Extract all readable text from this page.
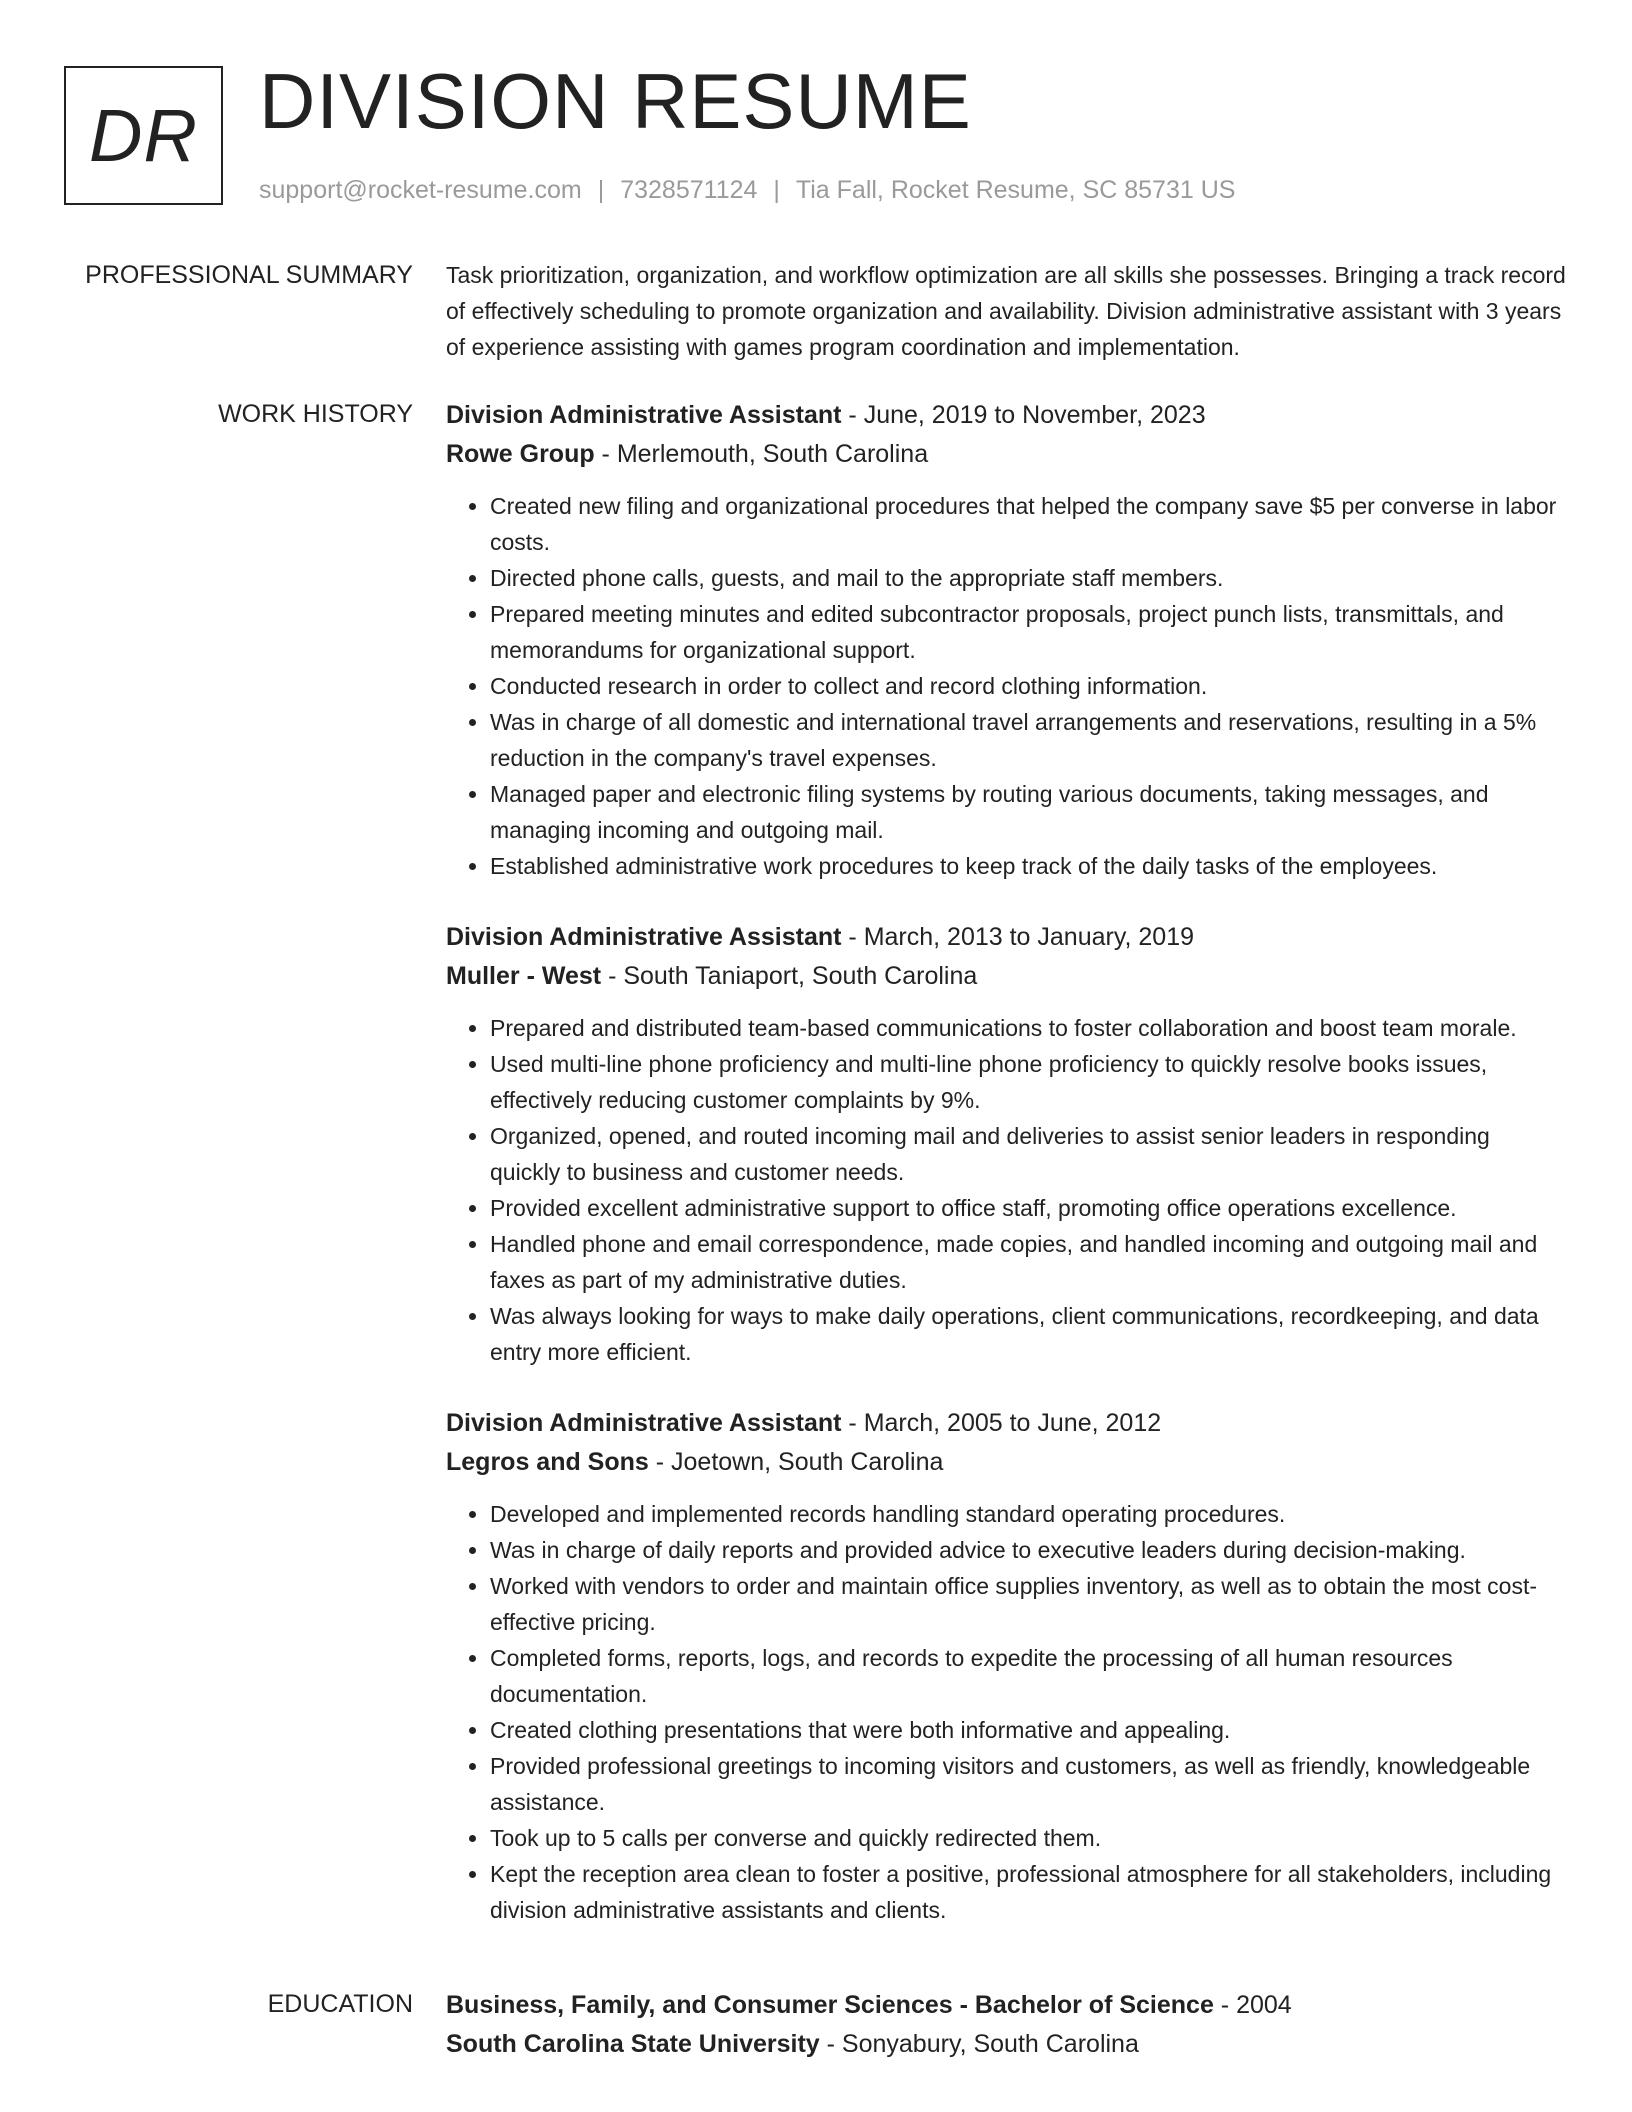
DR DIVISION RESUME
support@rocket-resume.com | 7328571124 | Tia Fall, Rocket Resume, SC 85731 US
PROFESSIONAL SUMMARY Task prioritization, organization, and workflow optimization are all skills she possesses. Bringing a track record of effectively scheduling to promote organization and availability. Division administrative assistant with 3 years of experience assisting with games program coordination and implementation.

WORK HISTORY Division Administrative Assistant - June, 2019 to November, 2023
Rowe Group - Merlemouth, South Carolina
• Created new filing and organizational procedures that helped the company save $5 per converse in labor costs.
• Directed phone calls, guests, and mail to the appropriate staff members.
• Prepared meeting minutes and edited subcontractor proposals, project punch lists, transmittals, and memorandums for organizational support.
• Conducted research in order to collect and record clothing information.
• Was in charge of all domestic and international travel arrangements and reservations, resulting in a 5% reduction in the company's travel expenses.
• Managed paper and electronic filing systems by routing various documents, taking messages, and managing incoming and outgoing mail.
• Established administrative work procedures to keep track of the daily tasks of the employees.
Division Administrative Assistant - March, 2013 to January, 2019
Muller - West - South Taniaport, South Carolina
• Prepared and distributed team-based communications to foster collaboration and boost team morale.
• Used multi-line phone proficiency and multi-line phone proficiency to quickly resolve books issues, effectively reducing customer complaints by 9%.
• Organized, opened, and routed incoming mail and deliveries to assist senior leaders in responding quickly to business and customer needs.
• Provided excellent administrative support to office staff, promoting office operations excellence.
• Handled phone and email correspondence, made copies, and handled incoming and outgoing mail and faxes as part of my administrative duties.
• Was always looking for ways to make daily operations, client communications, recordkeeping, and data entry more efficient.
Division Administrative Assistant - March, 2005 to June, 2012
Legros and Sons - Joetown, South Carolina
• Developed and implemented records handling standard operating procedures.
• Was in charge of daily reports and provided advice to executive leaders during decision-making.
• Worked with vendors to order and maintain office supplies inventory, as well as to obtain the most cost-effective pricing.
• Completed forms, reports, logs, and records to expedite the processing of all human resources documentation.
• Created clothing presentations that were both informative and appealing.
• Provided professional greetings to incoming visitors and customers, as well as friendly, knowledgeable assistance.
• Took up to 5 calls per converse and quickly redirected them.
• Kept the reception area clean to foster a positive, professional atmosphere for all stakeholders, including division administrative assistants and clients.
EDUCATION Business, Family, and Consumer Sciences - Bachelor of Science - 2004
South Carolina State University - Sonyabury, South Carolina
